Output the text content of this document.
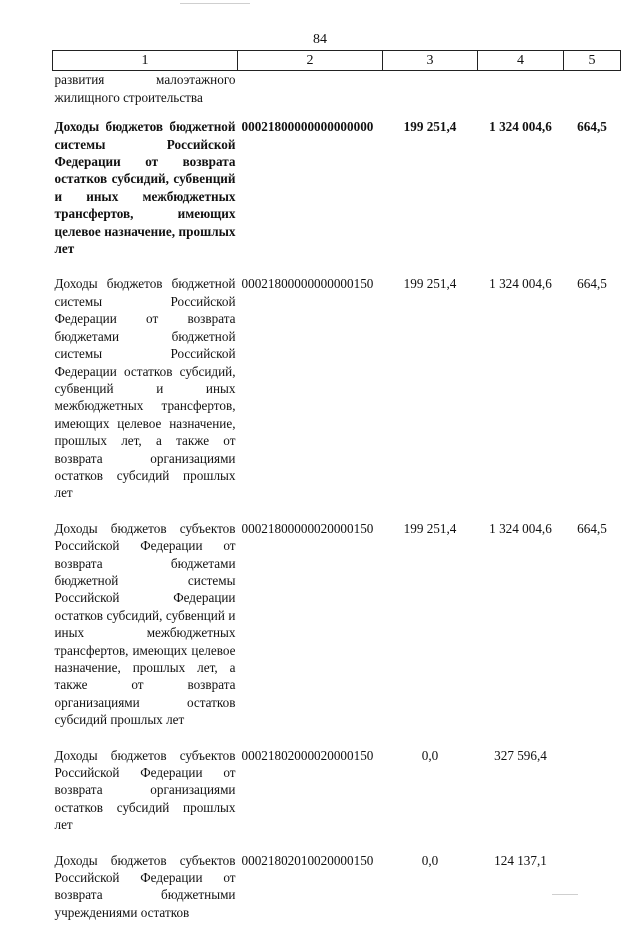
84
1	2	3	4	5
развития малоэтажного жилищного строительства				
Доходы бюджетов бюджетной системы Российской Федерации от возврата остатков субсидий, субвенций и иных межбюджетных трансфертов, имеющих целевое назначение, прошлых лет	00021800000000000000	199 251,4	1 324 004,6	664,5
Доходы бюджетов бюджетной системы Российской Федерации от возврата бюджетами бюджетной системы Российской Федерации остатков субсидий, субвенций и иных межбюджетных трансфертов, имеющих целевое назначение, прошлых лет, а также от возврата организациями остатков субсидий прошлых лет	00021800000000000150	199 251,4	1 324 004,6	664,5
Доходы бюджетов субъектов Российской Федерации от возврата бюджетами бюджетной системы Российской Федерации остатков субсидий, субвенций и иных межбюджетных трансфертов, имеющих целевое назначение, прошлых лет, а также от возврата организациями остатков субсидий прошлых лет	00021800000020000150	199 251,4	1 324 004,6	664,5
Доходы бюджетов субъектов Российской Федерации от возврата организациями остатков субсидий прошлых лет	00021802000020000150	0,0	327 596,4	
Доходы бюджетов субъектов Российской Федерации от возврата бюджетными учреждениями остатков	00021802010020000150	0,0	124 137,1	
